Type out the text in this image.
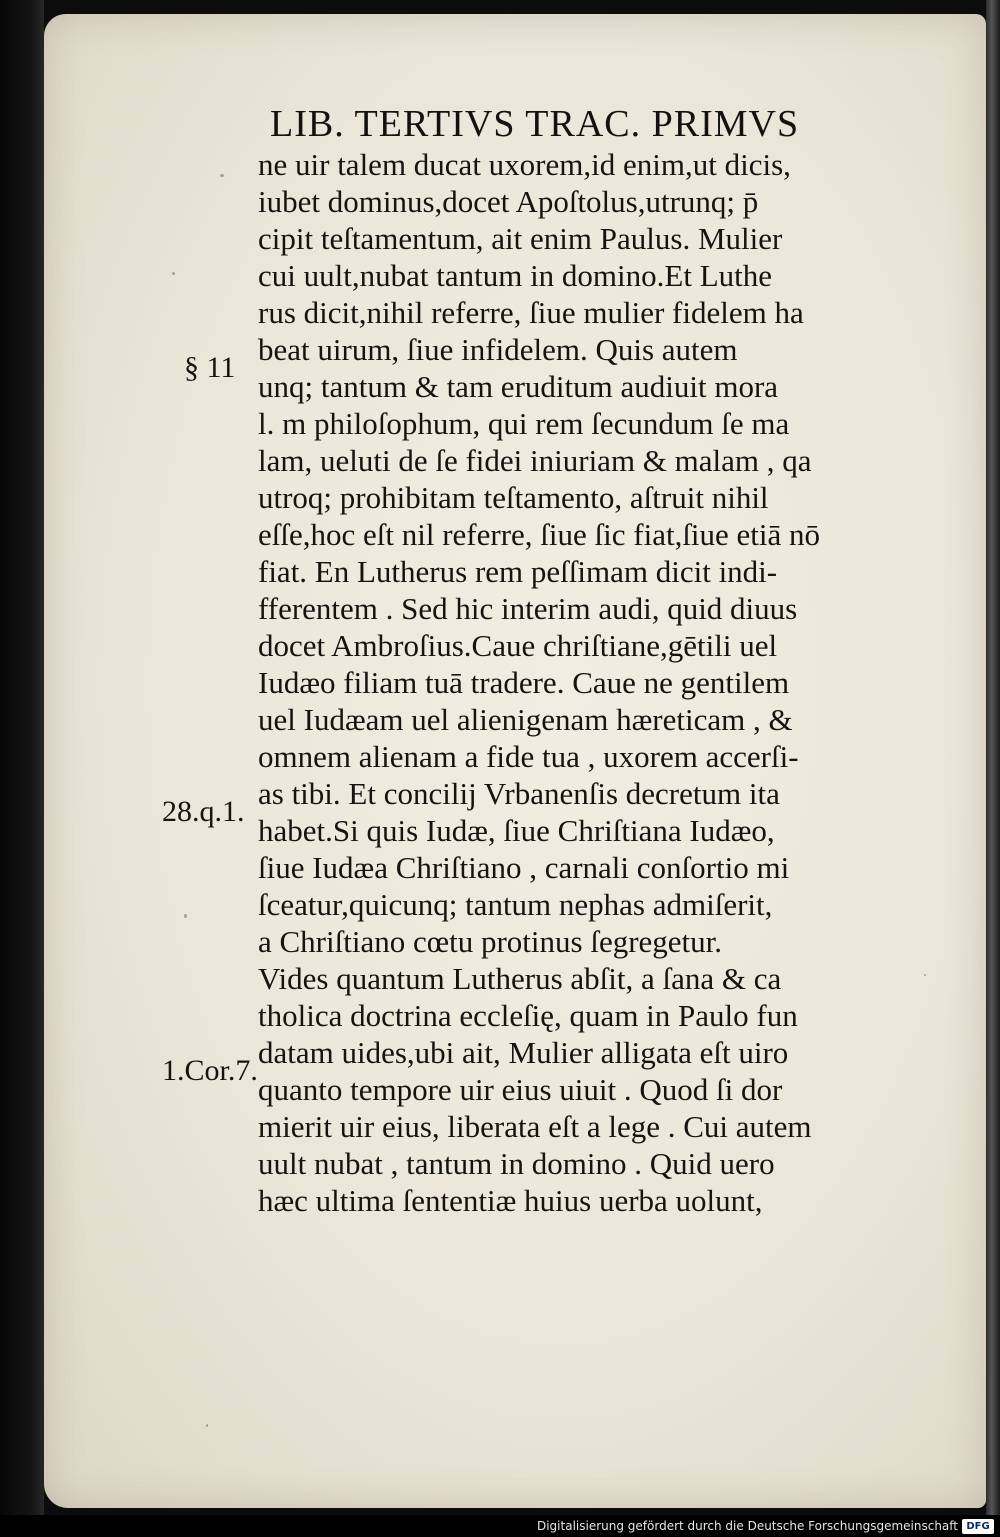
LIB. TERTIVS TRAC. PRIMVS
§ 11
28.q.1.
1.Cor.7.
ne uir talem ducat uxorem,id enim,ut dicis,
iubet dominus,docet Apoſtolus,utrunq; p̄
cipit teſtamentum, ait enim Paulus. Mulier
cui uult,nubat tantum in domino.Et Luthe
rus dicit,nihil referre, ſiue mulier fidelem ha
beat uirum, ſiue infidelem. Quis autem
unq; tantum & tam eruditum audiuit mora
l. m philoſophum, qui rem ſecundum ſe ma
lam, ueluti de ſe fidei iniuriam & malam , qa
utroq; prohibitam teſtamento, aſtruit nihil
eſſe,hoc eſt nil referre, ſiue ſic fiat,ſiue etiā nō
fiat. En Lutherus rem peſſimam dicit indi-
fferentem . Sed hic interim audi, quid diuus
docet Ambroſius.Caue chriſtiane,gētili uel
Iudæo filiam tuā tradere. Caue ne gentilem
uel Iudæam uel alienigenam hæreticam , &
omnem alienam a fide tua , uxorem accerſi-
as tibi. Et concilij Vrbanenſis decretum ita
habet.Si quis Iudæ, ſiue Chriſtiana Iudæo,
ſiue Iudæa Chriſtiano , carnali conſortio mi
ſceatur,quicunq; tantum nephas admiſerit,
a Chriſtiano cœtu protinus ſegregetur.
Vides quantum Lutherus abſit, a ſana & ca
tholica doctrina eccleſię, quam in Paulo fun
datam uides,ubi ait, Mulier alligata eſt uiro
quanto tempore uir eius uiuit . Quod ſi dor
mierit uir eius, liberata eſt a lege . Cui autem
uult nubat , tantum in domino . Quid uero
hæc ultima ſententiæ huius uerba uolunt,
Digitalisierung gefördert durch die Deutsche Forschungsgemeinschaft DFG
